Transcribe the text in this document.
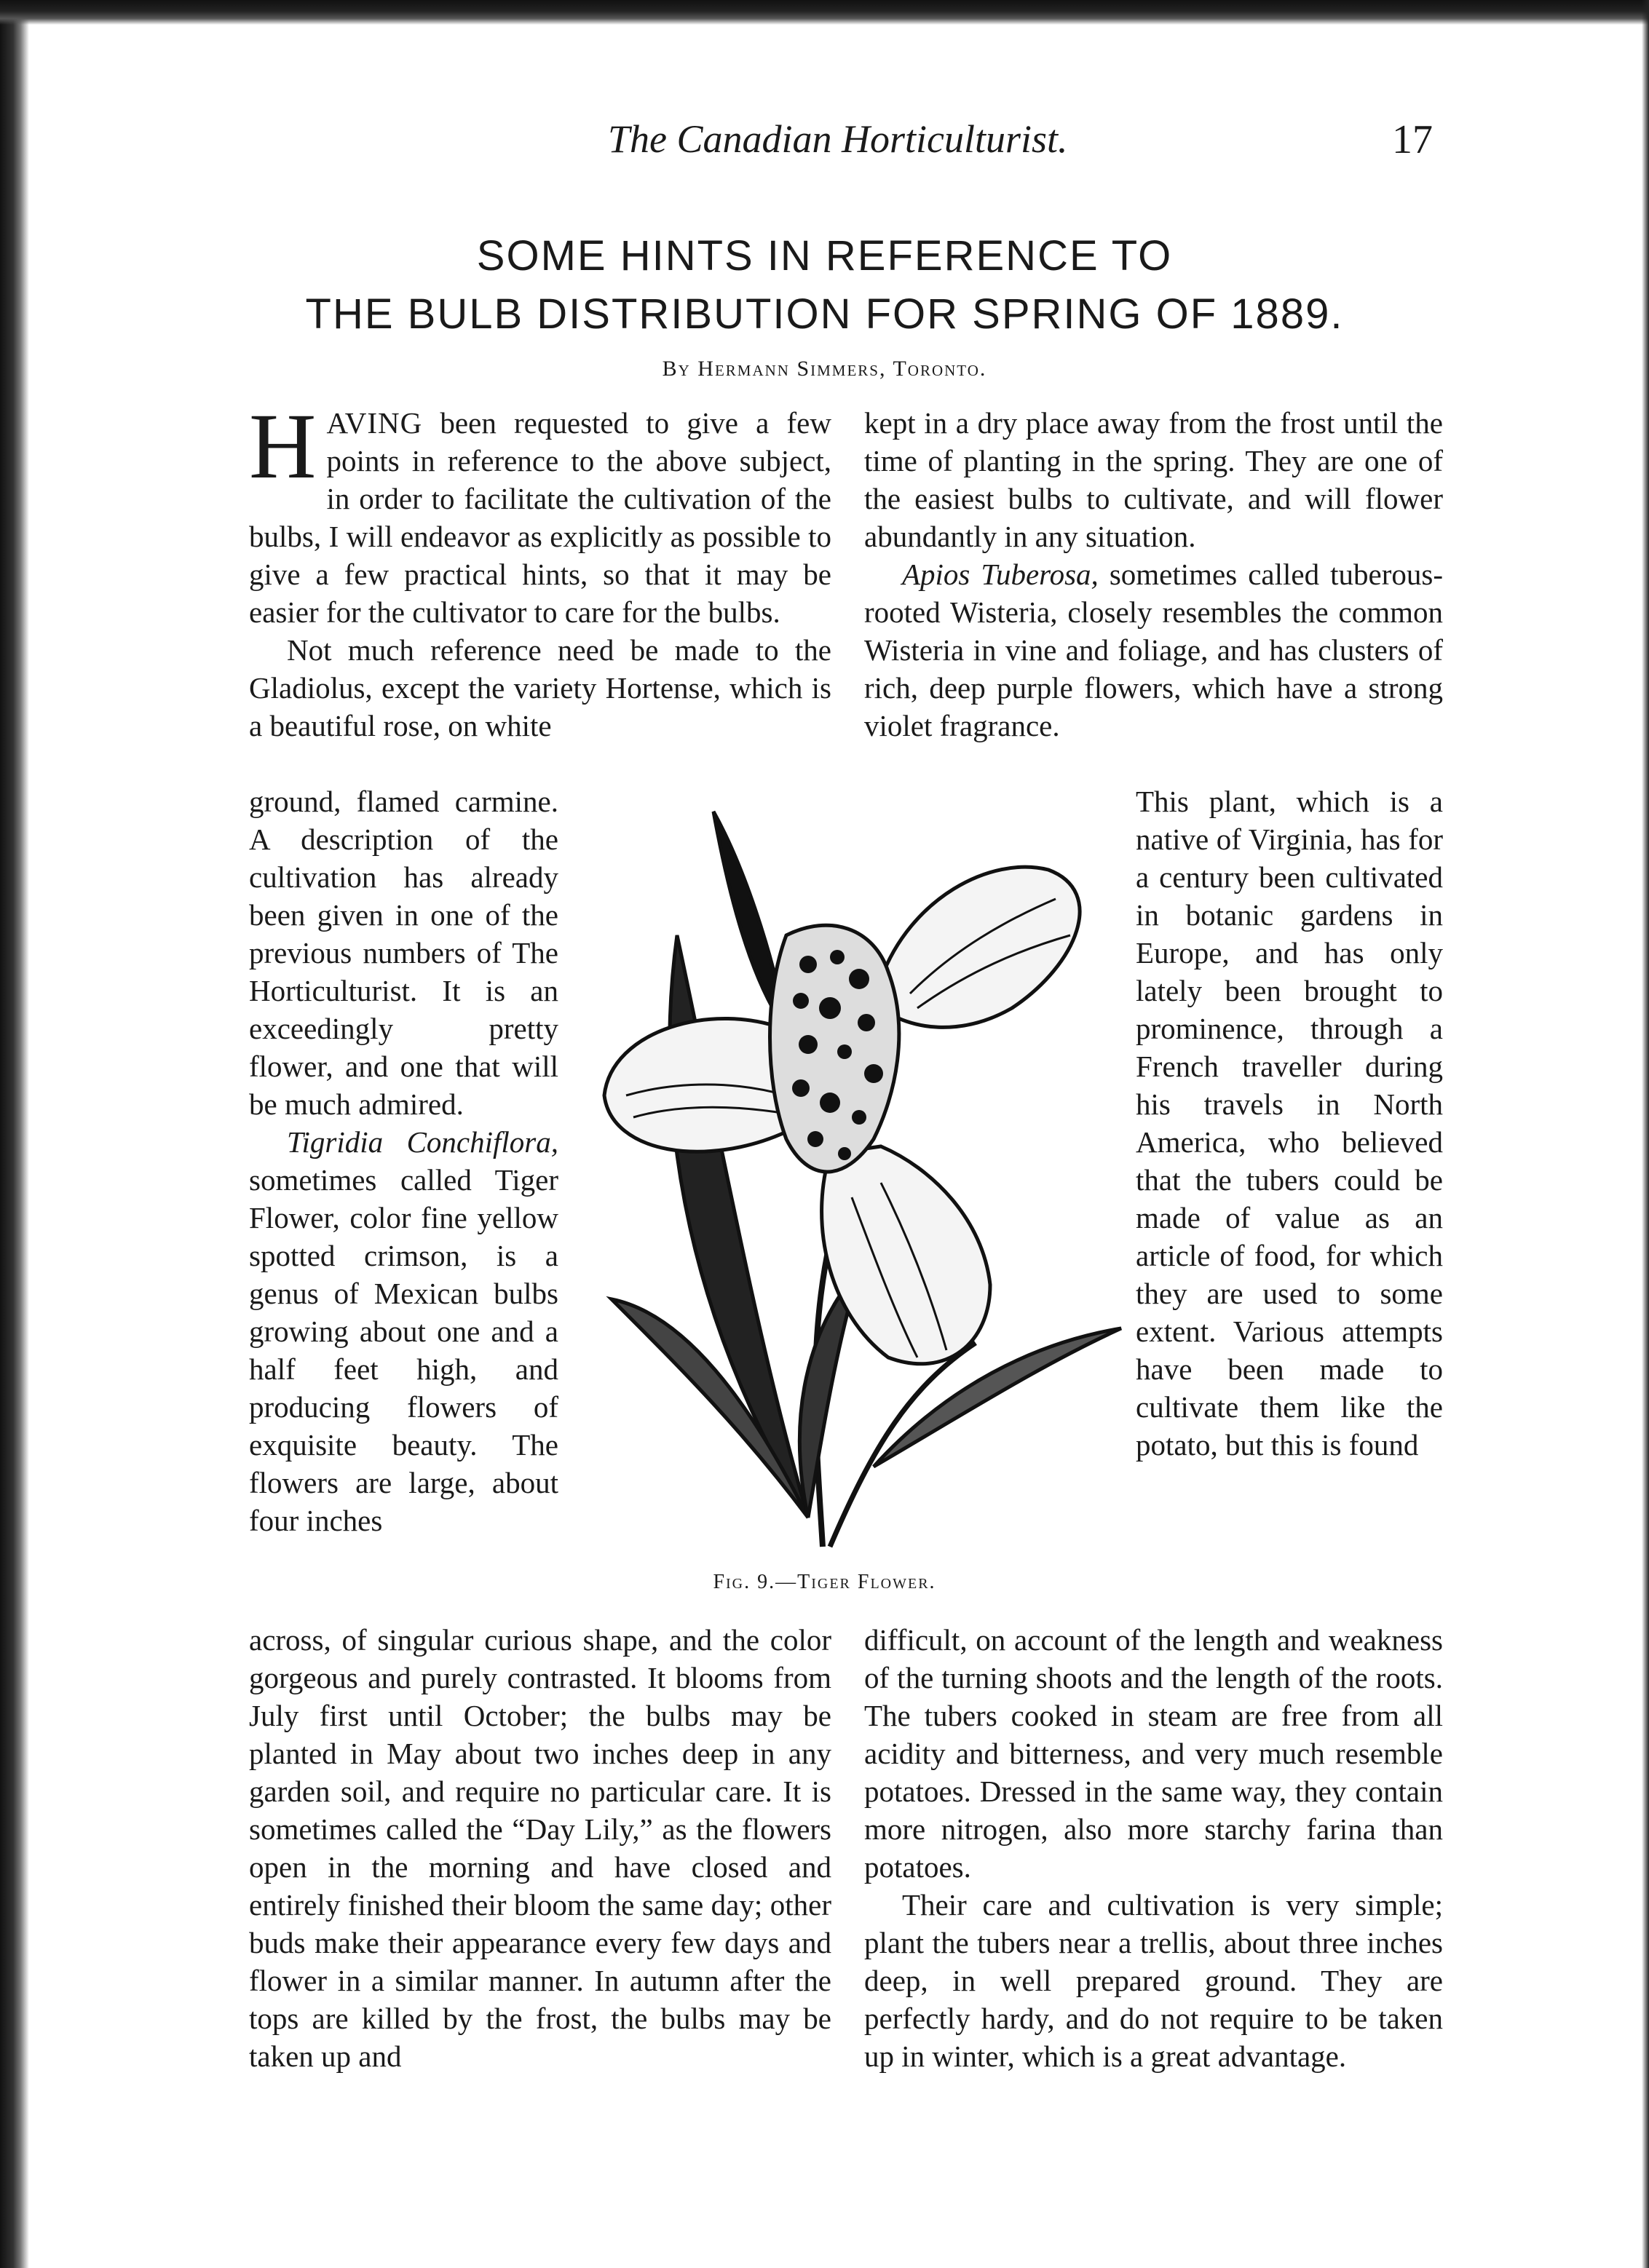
The Canadian Horticulturist.	17
SOME HINTS IN REFERENCE TO
THE BULB DISTRIBUTION FOR SPRING OF 1889.
By Hermann Simmers, Toronto.

HAVING been requested to give a few points in reference to the above subject, in order to facilitate the cultivation of the bulbs, I will endeavor as explicitly as possible to give a few practical hints, so that it may be easier for the cultivator to care for the bulbs.

Not much reference need be made to the Gladiolus, except the variety Hortense, which is a beautiful rose, on white

ground, flamed carmine. A description of the cultivation has already been given in one of the previous numbers of The Horticulturist. It is an exceedingly pretty flower, and one that will be much admired.

Tigridia Conchiflora, sometimes called Tiger Flower, color fine yellow spotted crimson, is a genus of Mexican bulbs growing about one and a half feet high, and producing flowers of exquisite beauty. The flowers are large, about four inches

across, of singular curious shape, and the color gorgeous and purely contrasted. It blooms from July first until October; the bulbs may be planted in May about two inches deep in any garden soil, and require no particular care. It is sometimes called the “Day Lily,” as the flowers open in the morning and have closed and entirely finished their bloom the same day; other buds make their appearance every few days and flower in a similar manner. In autumn after the tops are killed by the frost, the bulbs may be taken up and

kept in a dry place away from the frost until the time of planting in the spring. They are one of the easiest bulbs to cultivate, and will flower abundantly in any situation.

Apios Tuberosa, sometimes called tuberous-rooted Wisteria, closely resembles the common Wisteria in vine and foliage, and has clusters of rich, deep purple flowers, which have a strong violet fragrance.

This plant, which is a native of Virginia, has for a century been cultivated in botanic gardens in Europe, and has only lately been brought to prominence, through a French traveller during his travels in North America, who believed that the tubers could be made of value as an article of food, for which they are used to some extent. Various attempts have been made to cultivate them like the potato, but this is found

difficult, on account of the length and weakness of the turning shoots and the length of the roots. The tubers cooked in steam are free from all acidity and bitterness, and very much resemble potatoes. Dressed in the same way, they contain more nitrogen, also more starchy farina than potatoes.

Their care and cultivation is very simple; plant the tubers near a trellis, about three inches deep, in well prepared ground. They are perfectly hardy, and do not require to be taken up in winter, which is a great advantage.

Fig. 9.—Tiger Flower.
